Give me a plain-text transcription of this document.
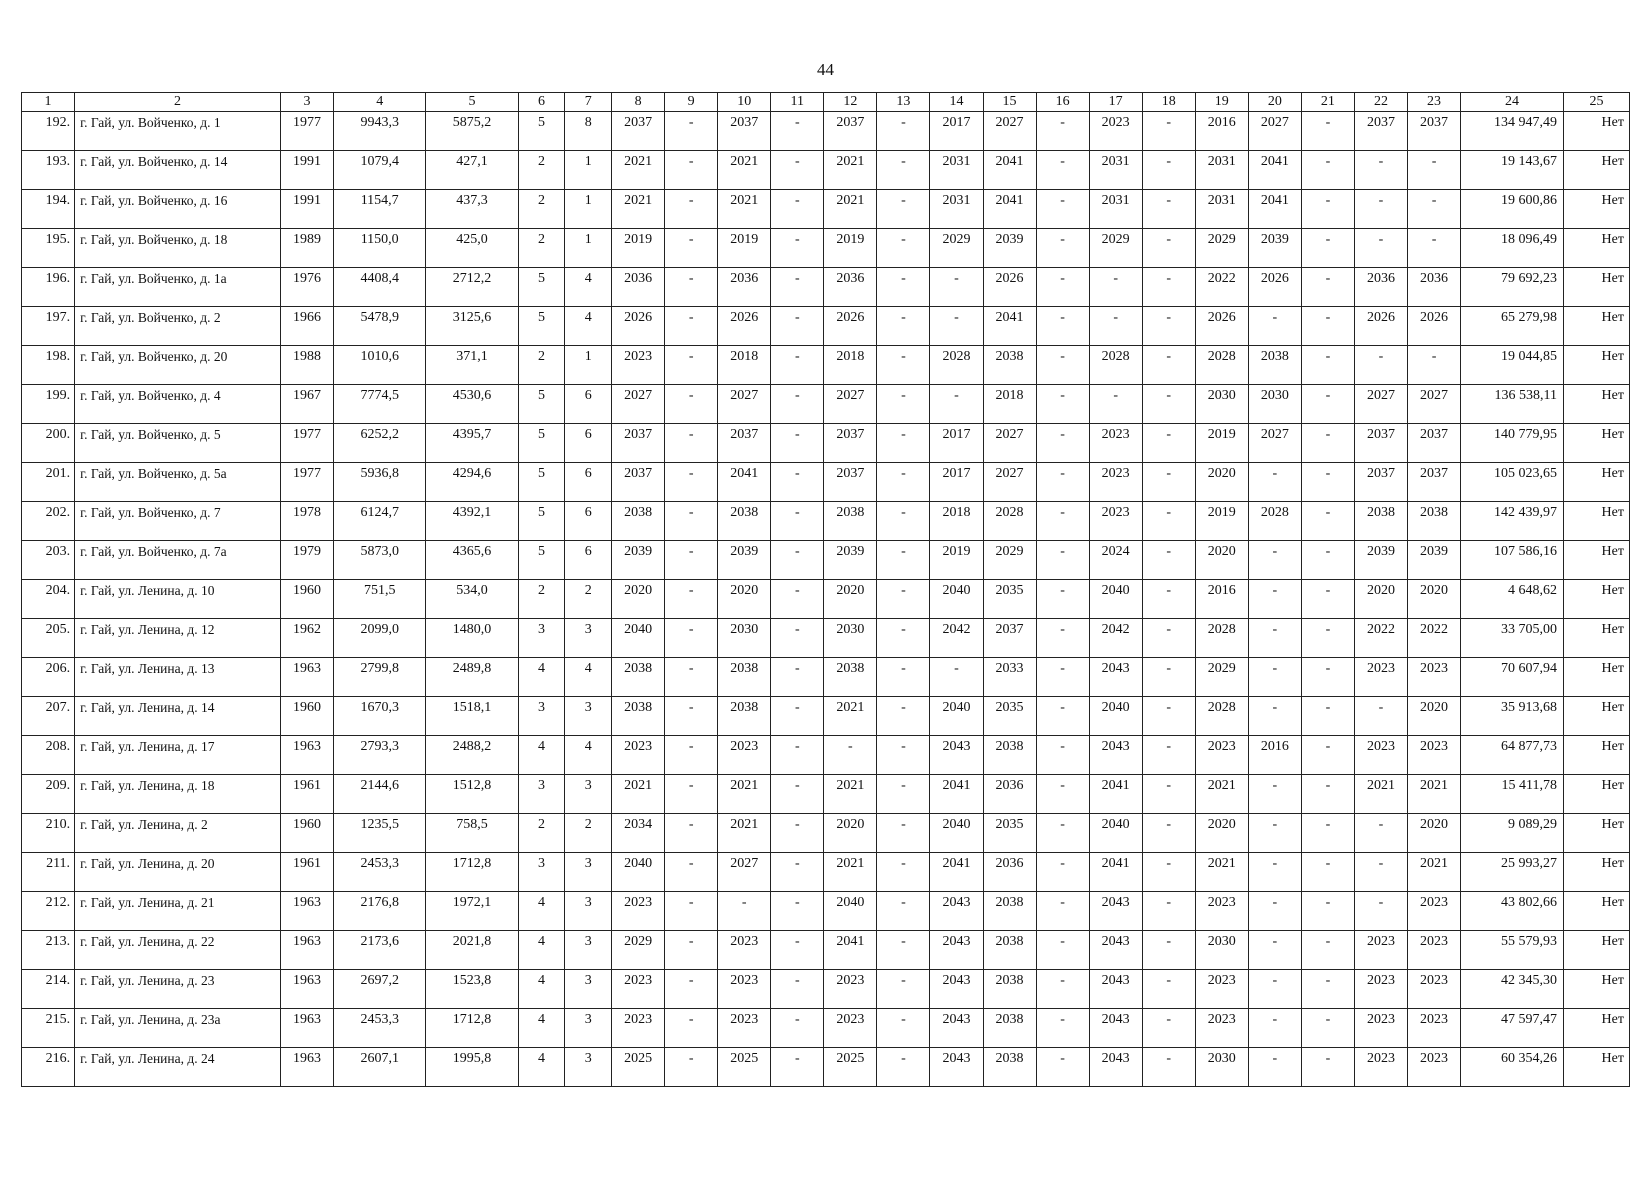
44
1	2	3	4	5	6	7	8	9	10	11	12	13	14	15	16	17	18	19	20	21	22	23	24	25
192.	г. Гай, ул. Войченко, д. 1	1977	9943,3	5875,2	5	8	2037	-	2037	-	2037	-	2017	2027	-	2023	-	2016	2027	-	2037	2037	134 947,49	Нет
193.	г. Гай, ул. Войченко, д. 14	1991	1079,4	427,1	2	1	2021	-	2021	-	2021	-	2031	2041	-	2031	-	2031	2041	-	-	-	19 143,67	Нет
194.	г. Гай, ул. Войченко, д. 16	1991	1154,7	437,3	2	1	2021	-	2021	-	2021	-	2031	2041	-	2031	-	2031	2041	-	-	-	19 600,86	Нет
195.	г. Гай, ул. Войченко, д. 18	1989	1150,0	425,0	2	1	2019	-	2019	-	2019	-	2029	2039	-	2029	-	2029	2039	-	-	-	18 096,49	Нет
196.	г. Гай, ул. Войченко, д. 1а	1976	4408,4	2712,2	5	4	2036	-	2036	-	2036	-	-	2026	-	-	-	2022	2026	-	2036	2036	79 692,23	Нет
197.	г. Гай, ул. Войченко, д. 2	1966	5478,9	3125,6	5	4	2026	-	2026	-	2026	-	-	2041	-	-	-	2026	-	-	2026	2026	65 279,98	Нет
198.	г. Гай, ул. Войченко, д. 20	1988	1010,6	371,1	2	1	2023	-	2018	-	2018	-	2028	2038	-	2028	-	2028	2038	-	-	-	19 044,85	Нет
199.	г. Гай, ул. Войченко, д. 4	1967	7774,5	4530,6	5	6	2027	-	2027	-	2027	-	-	2018	-	-	-	2030	2030	-	2027	2027	136 538,11	Нет
200.	г. Гай, ул. Войченко, д. 5	1977	6252,2	4395,7	5	6	2037	-	2037	-	2037	-	2017	2027	-	2023	-	2019	2027	-	2037	2037	140 779,95	Нет
201.	г. Гай, ул. Войченко, д. 5а	1977	5936,8	4294,6	5	6	2037	-	2041	-	2037	-	2017	2027	-	2023	-	2020	-	-	2037	2037	105 023,65	Нет
202.	г. Гай, ул. Войченко, д. 7	1978	6124,7	4392,1	5	6	2038	-	2038	-	2038	-	2018	2028	-	2023	-	2019	2028	-	2038	2038	142 439,97	Нет
203.	г. Гай, ул. Войченко, д. 7а	1979	5873,0	4365,6	5	6	2039	-	2039	-	2039	-	2019	2029	-	2024	-	2020	-	-	2039	2039	107 586,16	Нет
204.	г. Гай, ул. Ленина, д. 10	1960	751,5	534,0	2	2	2020	-	2020	-	2020	-	2040	2035	-	2040	-	2016	-	-	2020	2020	4 648,62	Нет
205.	г. Гай, ул. Ленина, д. 12	1962	2099,0	1480,0	3	3	2040	-	2030	-	2030	-	2042	2037	-	2042	-	2028	-	-	2022	2022	33 705,00	Нет
206.	г. Гай, ул. Ленина, д. 13	1963	2799,8	2489,8	4	4	2038	-	2038	-	2038	-	-	2033	-	2043	-	2029	-	-	2023	2023	70 607,94	Нет
207.	г. Гай, ул. Ленина, д. 14	1960	1670,3	1518,1	3	3	2038	-	2038	-	2021	-	2040	2035	-	2040	-	2028	-	-	-	2020	35 913,68	Нет
208.	г. Гай, ул. Ленина, д. 17	1963	2793,3	2488,2	4	4	2023	-	2023	-	-	-	2043	2038	-	2043	-	2023	2016	-	2023	2023	64 877,73	Нет
209.	г. Гай, ул. Ленина, д. 18	1961	2144,6	1512,8	3	3	2021	-	2021	-	2021	-	2041	2036	-	2041	-	2021	-	-	2021	2021	15 411,78	Нет
210.	г. Гай, ул. Ленина, д. 2	1960	1235,5	758,5	2	2	2034	-	2021	-	2020	-	2040	2035	-	2040	-	2020	-	-	-	2020	9 089,29	Нет
211.	г. Гай, ул. Ленина, д. 20	1961	2453,3	1712,8	3	3	2040	-	2027	-	2021	-	2041	2036	-	2041	-	2021	-	-	-	2021	25 993,27	Нет
212.	г. Гай, ул. Ленина, д. 21	1963	2176,8	1972,1	4	3	2023	-	-	-	2040	-	2043	2038	-	2043	-	2023	-	-	-	2023	43 802,66	Нет
213.	г. Гай, ул. Ленина, д. 22	1963	2173,6	2021,8	4	3	2029	-	2023	-	2041	-	2043	2038	-	2043	-	2030	-	-	2023	2023	55 579,93	Нет
214.	г. Гай, ул. Ленина, д. 23	1963	2697,2	1523,8	4	3	2023	-	2023	-	2023	-	2043	2038	-	2043	-	2023	-	-	2023	2023	42 345,30	Нет
215.	г. Гай, ул. Ленина, д. 23а	1963	2453,3	1712,8	4	3	2023	-	2023	-	2023	-	2043	2038	-	2043	-	2023	-	-	2023	2023	47 597,47	Нет
216.	г. Гай, ул. Ленина, д. 24	1963	2607,1	1995,8	4	3	2025	-	2025	-	2025	-	2043	2038	-	2043	-	2030	-	-	2023	2023	60 354,26	Нет
